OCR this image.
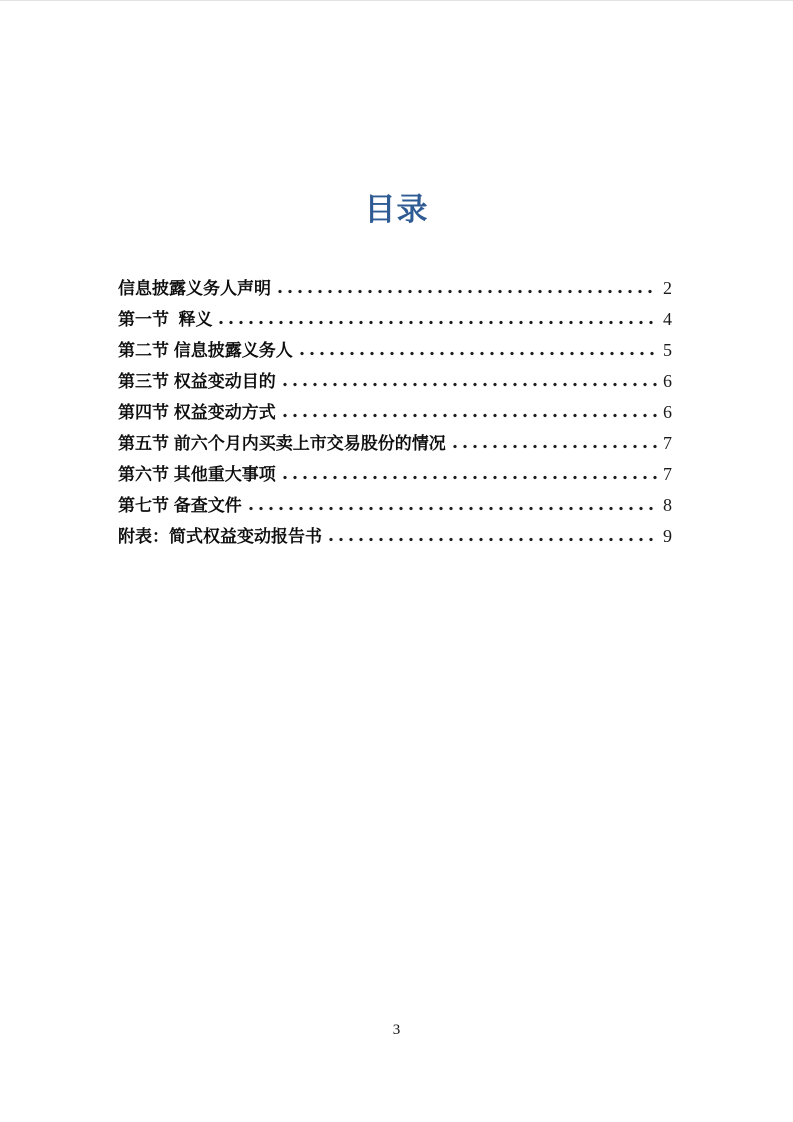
目录
信息披露义务人声明	2
第一节  释义	4
第二节 信息披露义务人	5
第三节 权益变动目的	6
第四节 权益变动方式	6
第五节 前六个月内买卖上市交易股份的情况	7
第六节 其他重大事项	7
第七节 备查文件	8
附表：简式权益变动报告书	9
3
